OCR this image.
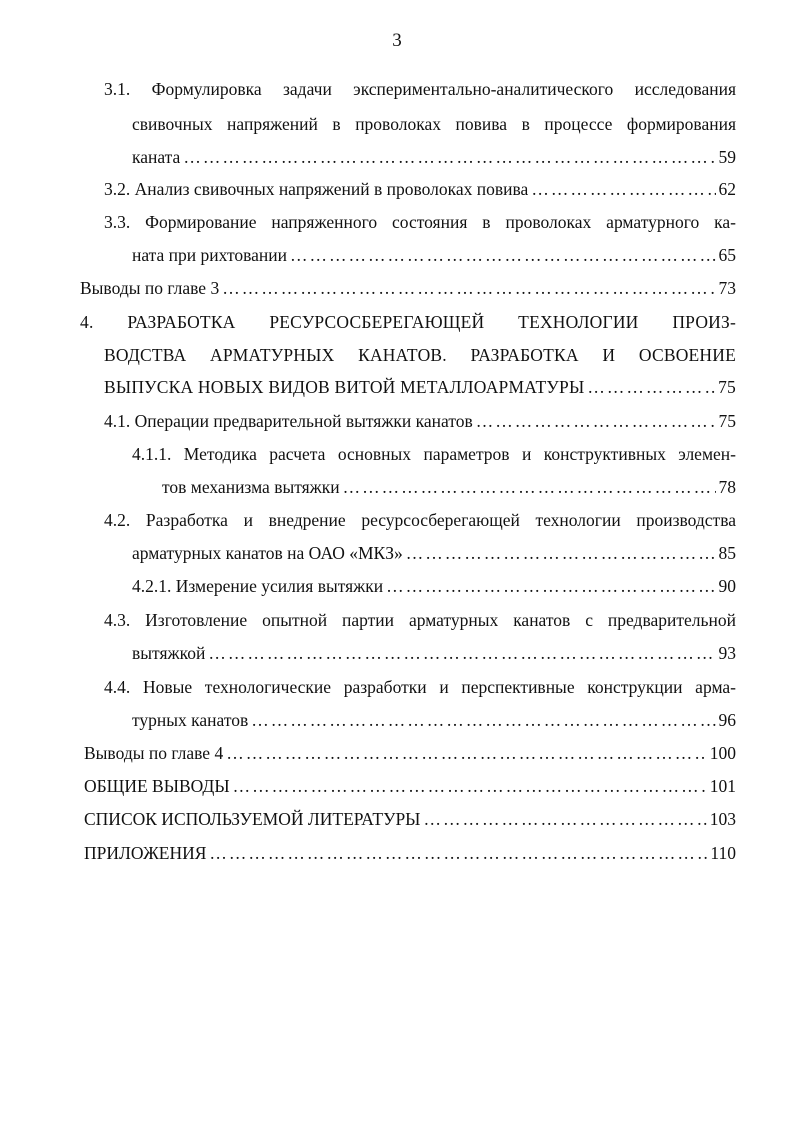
3
3.1. Формулировка задачи экспериментально-аналитического исследования
свивочных напряжений в проволоках повива в процессе формирования
каната ………………………………………………………………………………………………………………………………………………	59
3.2. Анализ свивочных напряжений в проволоках повива ………………………………………………………………………………………………………………………………………………	62
3.3. Формирование напряженного состояния в проволоках арматурного ка-
ната при рихтовании ………………………………………………………………………………………………………………………………………………	65
Выводы по главе 3 ………………………………………………………………………………………………………………………………………………	73
4. РАЗРАБОТКА РЕСУРСОСБЕРЕГАЮЩЕЙ ТЕХНОЛОГИИ ПРОИЗ-
ВОДСТВА АРМАТУРНЫХ КАНАТОВ. РАЗРАБОТКА И ОСВОЕНИЕ
ВЫПУСКА НОВЫХ ВИДОВ ВИТОЙ МЕТАЛЛОАРМАТУРЫ ………………………………………………………………………………………………………………………………………………	75
4.1. Операции предварительной вытяжки канатов ………………………………………………………………………………………………………………………………………………	75
4.1.1. Методика расчета основных параметров и конструктивных элемен-
тов механизма вытяжки ………………………………………………………………………………………………………………………………………………	78
4.2. Разработка и внедрение ресурсосберегающей технологии производства
арматурных канатов на ОАО «МКЗ» ………………………………………………………………………………………………………………………………………………	85
4.2.1. Измерение усилия вытяжки ………………………………………………………………………………………………………………………………………………	90
4.3. Изготовление опытной партии арматурных канатов с предварительной
вытяжкой ………………………………………………………………………………………………………………………………………………	93
4.4. Новые технологические разработки и перспективные конструкции арма-
турных канатов ………………………………………………………………………………………………………………………………………………	96
Выводы по главе 4 ………………………………………………………………………………………………………………………………………………	100
ОБЩИЕ ВЫВОДЫ ………………………………………………………………………………………………………………………………………………	101
СПИСОК ИСПОЛЬЗУЕМОЙ ЛИТЕРАТУРЫ ………………………………………………………………………………………………………………………………………………	103
ПРИЛОЖЕНИЯ ………………………………………………………………………………………………………………………………………………	110
